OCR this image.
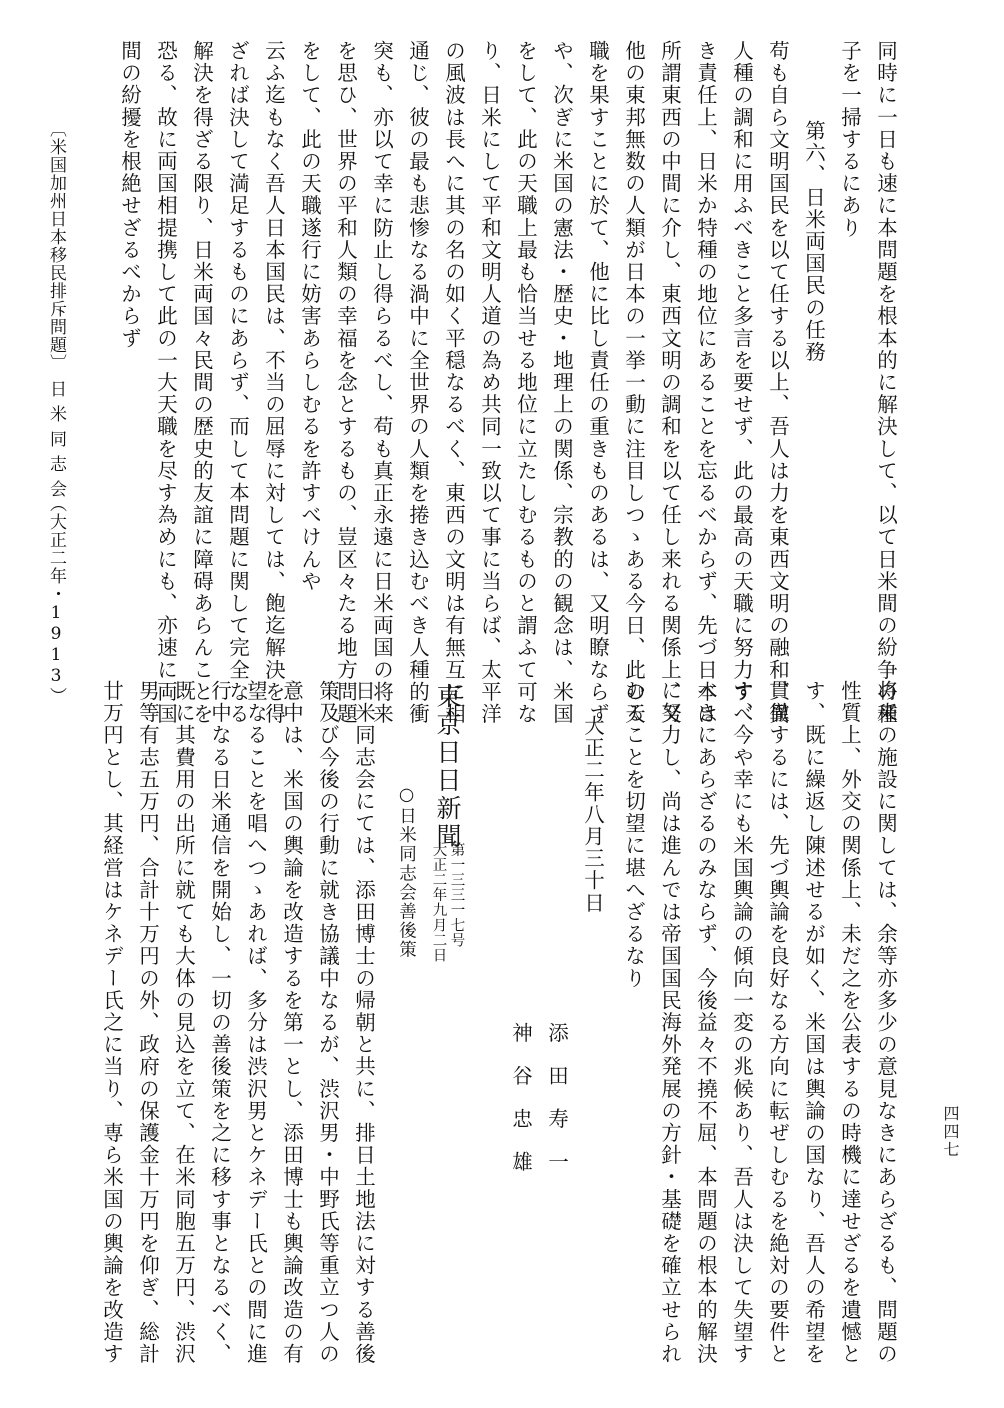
同時に一日も速に本問題を根本的に解決して、以て日米間の紛争の種

子を一掃するにあり

第六、日米両国民の任務

苟も自ら文明国民を以て任する以上、吾人は力を東西文明の融和、異

人種の調和に用ふべきこと多言を要せず、此の最高の天職に努力すべ

き責任上、日米か特種の地位にあることを忘るべからず、先づ日本は

所謂東西の中間に介し、東西文明の調和を以て任し来れる関係上、又

他の東邦無数の人類が日本の一挙一動に注目しつゝある今日、此の天

職を果すことに於て、他に比し責任の重きものあるは、又明瞭ならず

や、次ぎに米国の憲法・歴史・地理上の関係、宗教的の観念は、米国

をして、此の天職上最も恰当せる地位に立たしむるものと謂ふて可な

り、日米にして平和文明人道の為め共同一致以て事に当らば、太平洋

の風波は長へに其の名の如く平穏なるべく、東西の文明は有無互に相

通じ、彼の最も悲惨なる渦中に全世界の人類を捲き込むべき人種的衝

突も、亦以て幸に防止し得らるべし、苟も真正永遠に日米両国の将来

を思ひ、世界の平和人類の幸福を念とするもの、豈区々たる地方問題

をして、此の天職遂行に妨害あらしむるを許すべけんや

云ふ迄もなく吾人日本国民は、不当の屈辱に対しては、飽迄解決を得

ざれば決して満足するものにあらず、而して本問題に関して完全なる

解決を得ざる限り、日米両国々民間の歴史的友誼に障碍あらんことを

恐る、故に両国相提携して此の一大天職を尽す為めにも、亦速に両国

間の紛擾を根絶せざるべからず

〔米国加州日本移民排斥問題〕

日米同志会

（大正二年・1913）

将来の施設に関しては、余等亦多少の意見なきにあらざるも、問題の

性質上、外交の関係上、未だ之を公表するの時機に達せざるを遺憾と

す、既に繰返し陳述せるが如く、米国は輿論の国なり、吾人の希望を

貫徹するには、先づ輿論を良好なる方向に転ぜしむるを絶対の要件と

す、今や幸にも米国輿論の傾向一変の兆候あり、吾人は決して失望す

べきにあらざるのみならず、今後益々不撓不屈、本問題の根本的解決

に努力し、尚は進んでは帝国国民海外発展の方針・基礎を確立せられ

むることを切望に堪へざるなり

大正二年八月三十日

添　田　寿　一

神　谷　忠　雄

東京日日新聞

第一三三一七号

大正二年九月二日

○日米同志会善後策

日米同志会にては、添田博士の帰朝と共に、排日土地法に対する善後

策及び今後の行動に就き協議中なるが、渋沢男・中野氏等重立つ人の

意中は、米国の輿論を改造するを第一とし、添田博士も輿論改造の有

望なることを唱へつゝあれば、多分は渋沢男とケネデー氏との間に進

行中なる日米通信を開始し、一切の善後策を之に移す事となるべく、

既に其費用の出所に就ても大体の見込を立て、在米同胞五万円、渋沢

男等有志五万円、合計十万円の外、政府の保護金十万円を仰ぎ、総計

廿万円とし、其経営はケネデー氏之に当り、専ら米国の輿論を改造す	四四七
